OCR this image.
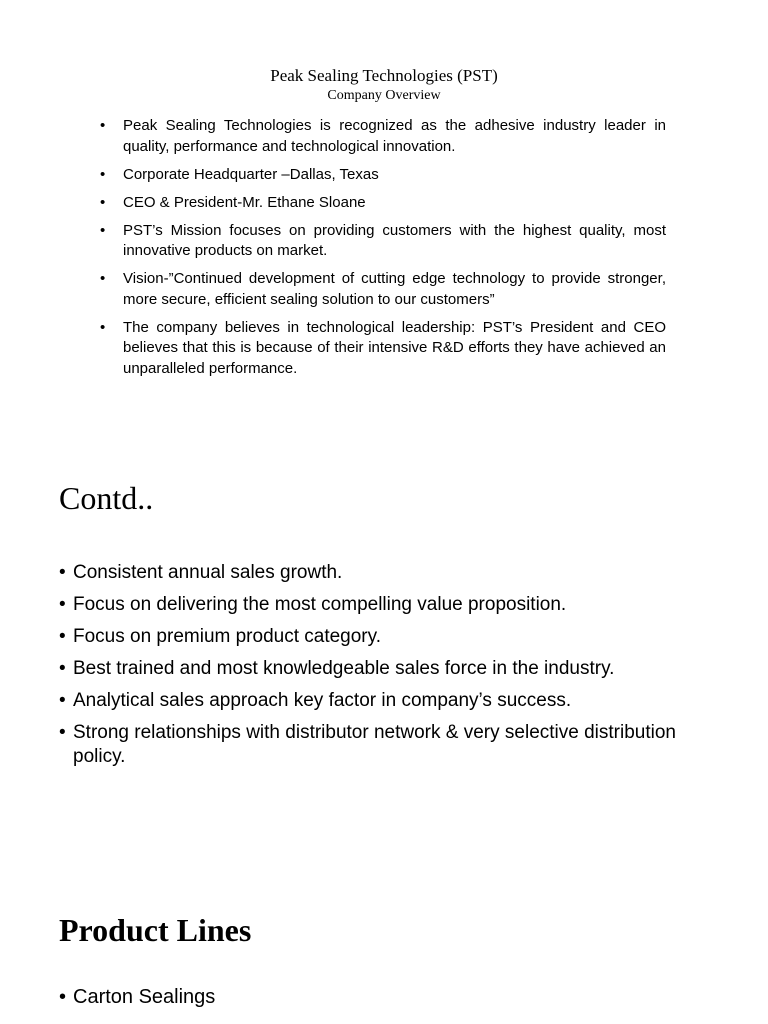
Peak Sealing Technologies (PST)
Company Overview
• Peak Sealing Technologies is recognized as the adhesive industry leader in quality, performance and technological innovation.
• Corporate Headquarter –Dallas, Texas
• CEO & President-Mr. Ethane Sloane
• PST’s Mission focuses on providing customers with the highest quality, most innovative products on market.
• Vision-”Continued development of cutting edge technology to provide stronger, more secure, efficient sealing solution to our customers”
• The company believes in technological leadership: PST’s President and CEO believes that this is because of their intensive R&D efforts they have achieved an unparalleled performance.
Contd..
• Consistent annual sales growth.
• Focus on delivering the most compelling value proposition.
• Focus on premium product category.
• Best trained and most knowledgeable sales force in the industry.
• Analytical sales approach key factor in company’s success.
• Strong relationships with distributor network & very selective distribution policy.
Product Lines
• Carton Sealings
